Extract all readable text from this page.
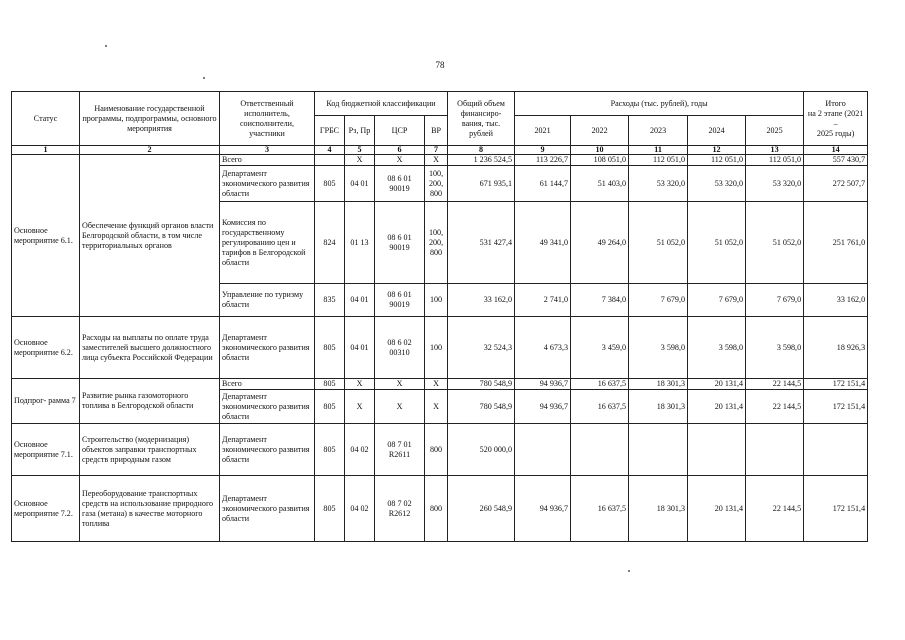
78
Статус	Наименование государственной программы, подпрограммы, основного мероприятия	Ответственный исполнитель, соисполнители, участники	Код бюджетной классификации				Общий объем финансиро- вания, тыс. рублей	Расходы (тыс. рублей), годы					Итого
на 2 этапе (2021
–
2025 годы)
			ГРБС	Рз, Пр	ЦСР	ВР		2021	2022	2023	2024	2025	
1	2	3	4	5	6	7	8	9	10	11	12	13	14
Основное мероприятие 6.1.	Обеспечение функций органов власти Белгородской области, в том числе территориальных органов	Всего		X	X	X	1 236 524,5	113 226,7	108 051,0	112 051,0	112 051,0	112 051,0	557 430,7
		Департамент экономического развития области	805	04 01	08 6 01 90019	100, 200, 800	671 935,1	61 144,7	51 403,0	53 320,0	53 320,0	53 320,0	272 507,7
		Комиссия по государственному регулированию цен и тарифов в Белгородской области	824	01 13	08 6 01 90019	100, 200, 800	531 427,4	49 341,0	49 264,0	51 052,0	51 052,0	51 052,0	251 761,0
		Управление по туризму области	835	04 01	08 6 01 90019	100	33 162,0	2 741,0	7 384,0	7 679,0	7 679,0	7 679,0	33 162,0
Основное мероприятие 6.2.	Расходы на выплаты по оплате труда заместителей высшего должностного лица субъекта Российской Федерации	Департамент экономического развития области	805	04 01	08 6 02 00310	100	32 524,3	4 673,3	3 459,0	3 598,0	3 598,0	3 598,0	18 926,3
Подпрог- рамма 7	Развитие рынка газомоторного топлива в Белгородской области	Всего	805	X	X	X	780 548,9	94 936,7	16 637,5	18 301,3	20 131,4	22 144,5	172 151,4
		Департамент экономического развития области	805	X	X	X	780 548,9	94 936,7	16 637,5	18 301,3	20 131,4	22 144,5	172 151,4
Основное мероприятие 7.1.	Строительство (модернизация) объектов заправки транспортных средств природным газом	Департамент экономического развития области	805	04 02	08 7 01 R2611	800	520 000,0						
Основное мероприятие 7.2.	Переоборудование транспортных средств на использование природного газа (метана) в качестве моторного топлива	Департамент экономического развития области	805	04 02	08 7 02 R2612	800	260 548,9	94 936,7	16 637,5	18 301,3	20 131,4	22 144,5	172 151,4
